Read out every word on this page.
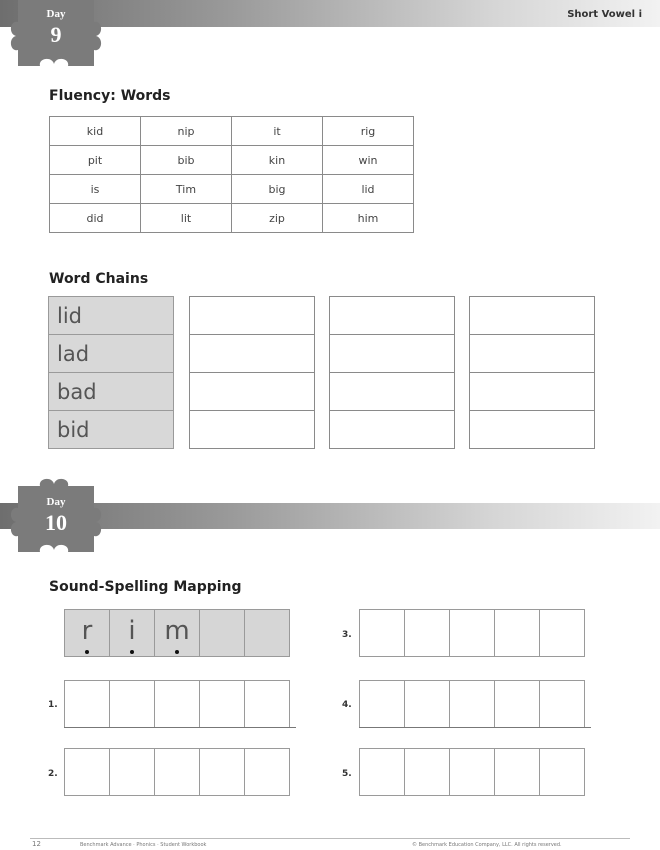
Short Vowel i
Day
9
Fluency: Words
kid	nip	it	rig
pit	bib	kin	win
is	Tim	big	lid
did	lit	zip	him
Word Chains
lid
lad
bad
bid
Day
10
Sound-Spelling Mapping
r	i	m
1.
2.
3.
4.
5.
12	Benchmark Advance · Phonics · Student Workbook	© Benchmark Education Company, LLC. All rights reserved.
